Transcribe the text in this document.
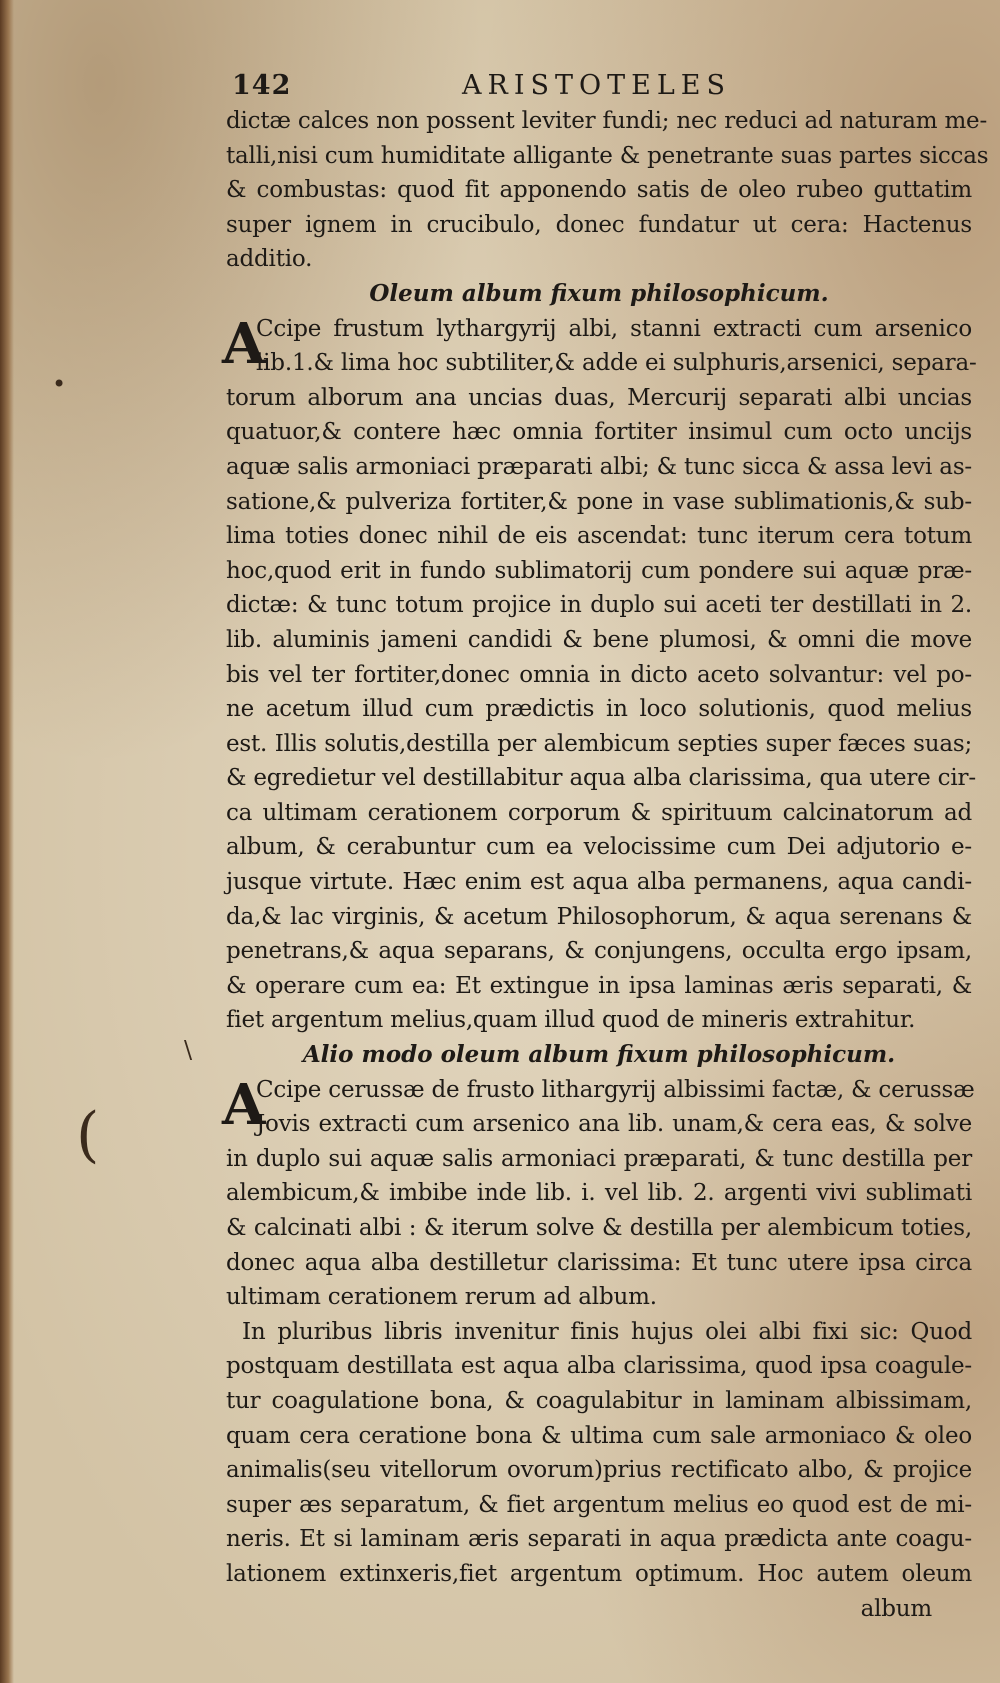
142	ARISTOTELES
dictæ calces non possent leviter fundi; nec reduci ad naturam me-
talli,nisi cum humiditate alligante & penetrante suas partes siccas
& combustas: quod fit apponendo satis de oleo rubeo guttatim
super ignem in crucibulo, donec fundatur ut cera: Hactenus
additio.
Oleum album fixum philosophicum.
A
Ccipe frustum lythargyrij albi, stanni extracti cum arsenico
lib.1.& lima hoc subtiliter,& adde ei sulphuris,arsenici, separa-
torum alborum ana uncias duas, Mercurij separati albi uncias
quatuor,& contere hæc omnia fortiter insimul cum octo uncijs
aquæ salis armoniaci præparati albi; & tunc sicca & assa levi as-
satione,& pulveriza fortiter,& pone in vase sublimationis,& sub-
lima toties donec nihil de eis ascendat: tunc iterum cera totum
hoc,quod erit in fundo sublimatorij cum pondere sui aquæ præ-
dictæ: & tunc totum projice in duplo sui aceti ter destillati in 2.
lib. aluminis jameni candidi & bene plumosi, & omni die move
bis vel ter fortiter,donec omnia in dicto aceto solvantur: vel po-
ne acetum illud cum prædictis in loco solutionis, quod melius
est. Illis solutis,destilla per alembicum septies super fæces suas;
& egredietur vel destillabitur aqua alba clarissima, qua utere cir-
ca ultimam cerationem corporum & spirituum calcinatorum ad
album, & cerabuntur cum ea velocissime cum Dei adjutorio e-
jusque virtute. Hæc enim est aqua alba permanens, aqua candi-
da,& lac virginis, & acetum Philosophorum, & aqua serenans &
penetrans,& aqua separans, & conjungens, occulta ergo ipsam,
& operare cum ea: Et extingue in ipsa laminas æris separati, &
fiet argentum melius,quam illud quod de mineris extrahitur.
Alio modo oleum album fixum philosophicum.
A
Ccipe cerussæ de frusto lithargyrij albissimi factæ, & cerussæ
Jovis extracti cum arsenico ana lib. unam,& cera eas, & solve
in duplo sui aquæ salis armoniaci præparati, & tunc destilla per
alembicum,& imbibe inde lib. i. vel lib. 2. argenti vivi sublimati
& calcinati albi : & iterum solve & destilla per alembicum toties,
donec aqua alba destilletur clarissima: Et tunc utere ipsa circa
ultimam cerationem rerum ad album.
In pluribus libris invenitur finis hujus olei albi fixi sic: Quod
postquam destillata est aqua alba clarissima, quod ipsa coagule-
tur coagulatione bona, & coagulabitur in laminam albissimam,
quam cera ceratione bona & ultima cum sale armoniaco & oleo
animalis(seu vitellorum ovorum)prius rectificato albo, & projice
super æs separatum, & fiet argentum melius eo quod est de mi-
neris. Et si laminam æris separati in aqua prædicta ante coagu-
lationem extinxeris,fiet argentum optimum. Hoc autem oleum
album
•
\
(
